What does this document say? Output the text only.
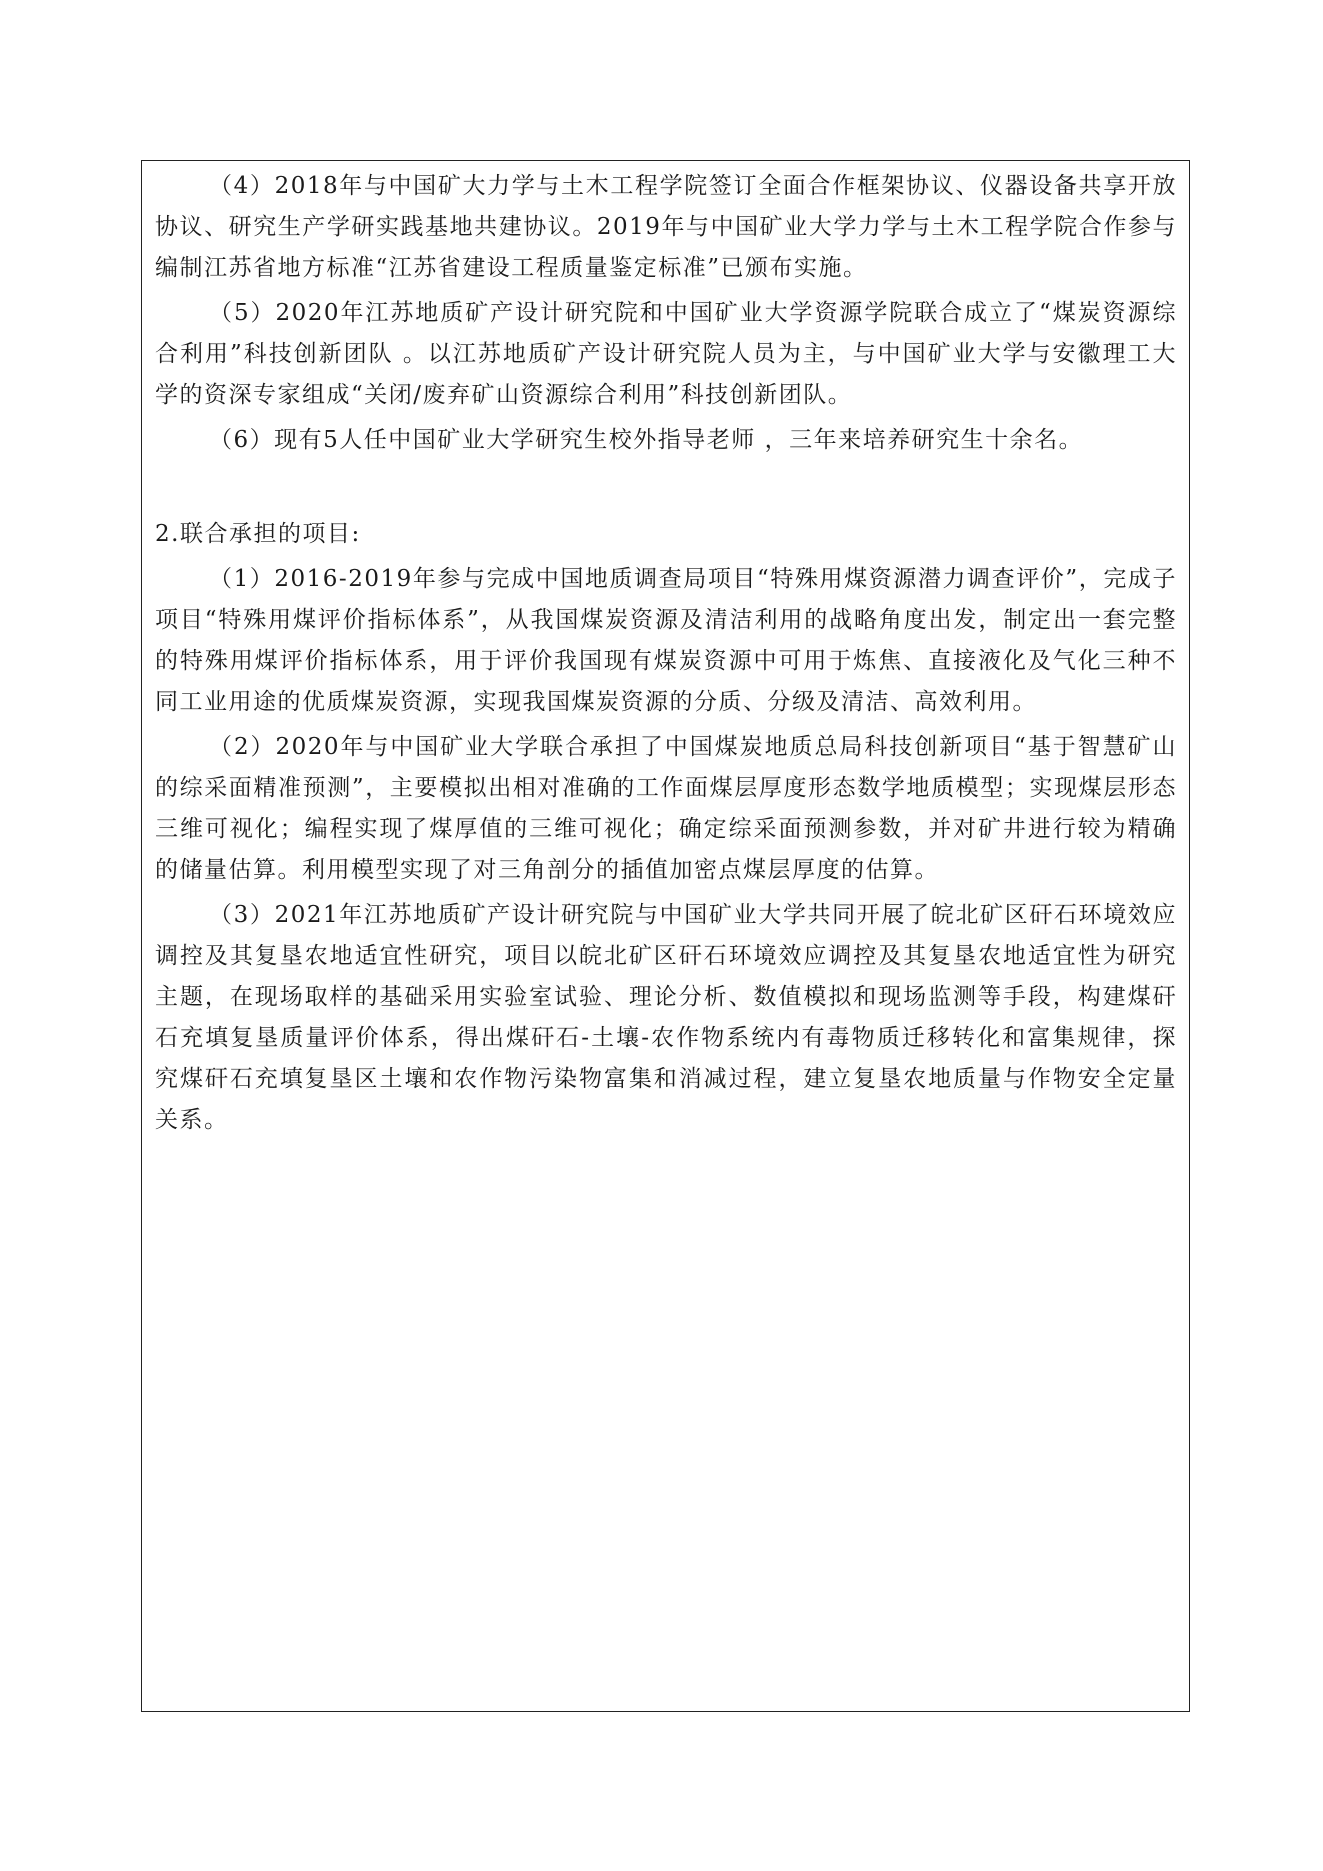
（4）2018年与中国矿大力学与土木工程学院签订全面合作框架协议、仪器设备共享开放协议、研究生产学研实践基地共建协议。2019年与中国矿业大学力学与土木工程学院合作参与编制江苏省地方标准“江苏省建设工程质量鉴定标准”已颁布实施。

（5）2020年江苏地质矿产设计研究院和中国矿业大学资源学院联合成立了“煤炭资源综合利用”科技创新团队 。以江苏地质矿产设计研究院人员为主，与中国矿业大学与安徽理工大学的资深专家组成“关闭/废弃矿山资源综合利用”科技创新团队。

（6）现有5人任中国矿业大学研究生校外指导老师 ，三年来培养研究生十余名。

2.联合承担的项目:

（1）2016-2019年参与完成中国地质调查局项目“特殊用煤资源潜力调查评价”，完成子项目“特殊用煤评价指标体系”，从我国煤炭资源及清洁利用的战略角度出发，制定出一套完整的特殊用煤评价指标体系，用于评价我国现有煤炭资源中可用于炼焦、直接液化及气化三种不同工业用途的优质煤炭资源，实现我国煤炭资源的分质、分级及清洁、高效利用。

（2）2020年与中国矿业大学联合承担了中国煤炭地质总局科技创新项目“基于智慧矿山的综采面精准预测”，主要模拟出相对准确的工作面煤层厚度形态数学地质模型；实现煤层形态三维可视化；编程实现了煤厚值的三维可视化；确定综采面预测参数，并对矿井进行较为精确的储量估算。利用模型实现了对三角剖分的插值加密点煤层厚度的估算。

（3）2021年江苏地质矿产设计研究院与中国矿业大学共同开展了皖北矿区矸石环境效应调控及其复垦农地适宜性研究，项目以皖北矿区矸石环境效应调控及其复垦农地适宜性为研究主题，在现场取样的基础采用实验室试验、理论分析、数值模拟和现场监测等手段，构建煤矸石充填复垦质量评价体系，得出煤矸石-土壤-农作物系统内有毒物质迁移转化和富集规律，探究煤矸石充填复垦区土壤和农作物污染物富集和消减过程，建立复垦农地质量与作物安全定量关系。
